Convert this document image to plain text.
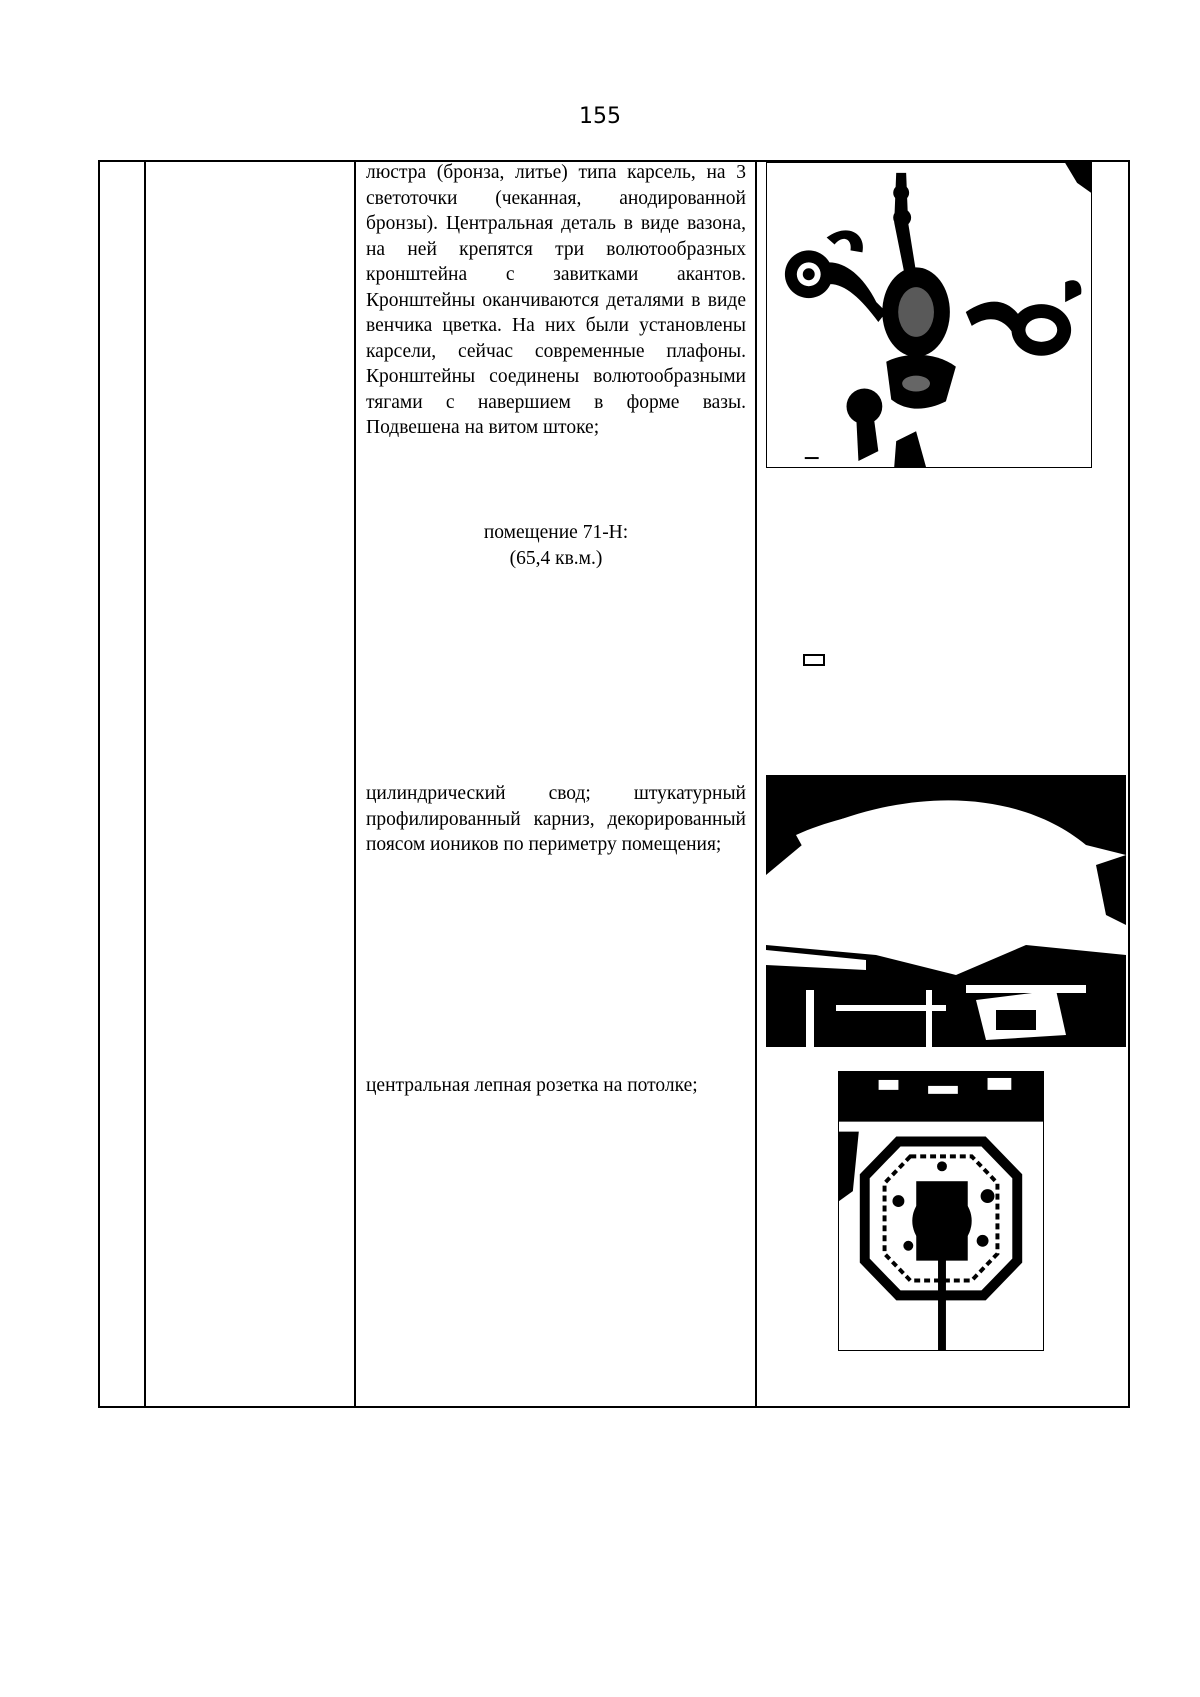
155
люстра (бронза, литье) типа карсель, на 3 светоточки (чеканная, анодированной бронзы). Центральная деталь в виде вазона, на ней крепятся три волютообразных кронштейна с завитками акантов. Кронштейны оканчиваются деталями в виде венчика цветка. На них были установлены карсели, сейчас современные плафоны. Кронштейны соединены волютообразными тягами с навершием в форме вазы. Подвешена на витом штоке;
помещение 71-Н:
(65,4 кв.м.)
цилиндрический свод; штукатурный профилированный карниз, декорированный поясом иоников по периметру помещения;
центральная лепная розетка на потолке;
